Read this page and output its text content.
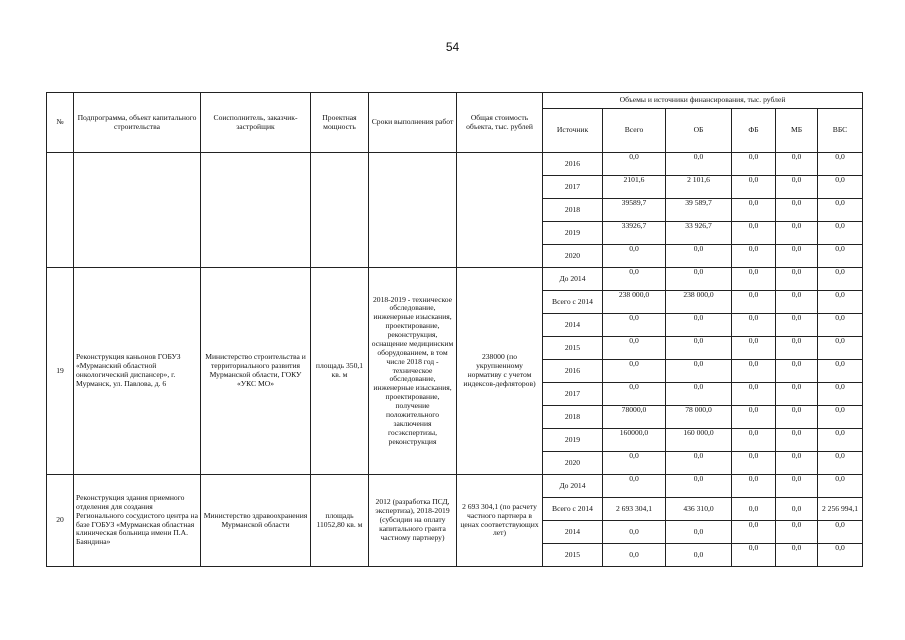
54
№	Подпрограмма, объект капитального строительства	Соисполнитель, заказчик-застройщик	Проектная мощность	Сроки выполнения работ	Общая стоимость объекта, тыс. рублей	Объемы и источники финансирования, тыс. рублей					
						Источник	Всего	ОБ	ФБ	МБ	ВБС
						2016	0,0	0,0	0,0	0,0	0,0
						2017	2101,6	2 101,6	0,0	0,0	0,0
						2018	39589,7	39 589,7	0,0	0,0	0,0
						2019	33926,7	33 926,7	0,0	0,0	0,0
						2020	0,0	0,0	0,0	0,0	0,0
19	Реконструкция каньонов ГОБУЗ «Мурманский областной онкологический диспансер», г. Мурманск, ул. Павлова, д. 6	Министерство строительства и территориального развития Мурманской области, ГОКУ «УКС МО»	площадь 350,1 кв. м	2018-2019 - техническое обследование, инженерные изыскания, проектирование, реконструкция, оснащение медицинским оборудованием, в том числе 2018 год - техническое обследование, инженерные изыскания, проектирование, получение положительного заключения госэкспертизы, реконструкция	238000 (по укрупненному нормативу с учетом индексов-дефляторов)	До 2014	0,0	0,0	0,0	0,0	0,0
						Всего с 2014	238 000,0	238 000,0	0,0	0,0	0,0
						2014	0,0	0,0	0,0	0,0	0,0
						2015	0,0	0,0	0,0	0,0	0,0
						2016	0,0	0,0	0,0	0,0	0,0
						2017	0,0	0,0	0,0	0,0	0,0
						2018	78000,0	78 000,0	0,0	0,0	0,0
						2019	160000,0	160 000,0	0,0	0,0	0,0
						2020	0,0	0,0	0,0	0,0	0,0
20	Реконструкция здания приемного отделения для создания Регионального сосудистого центра на базе ГОБУЗ «Мурманская областная клиническая больница имени П.А. Баяндина»	Министерство здравоохранения Мурманской области	площадь 11052,80 кв. м	2012 (разработка ПСД, экспертиза), 2018-2019 (субсидии на оплату капитального гранта частному партнеру)	2 693 304,1 (по расчету частного партнера в ценах соответствующих лет)	До 2014	0,0	0,0	0,0	0,0	0,0
						Всего с 2014	2 693 304,1	436 310,0	0,0	0,0	2 256 994,1
						2014	0,0	0,0	0,0	0,0	0,0
						2015	0,0	0,0	0,0	0,0	0,0
